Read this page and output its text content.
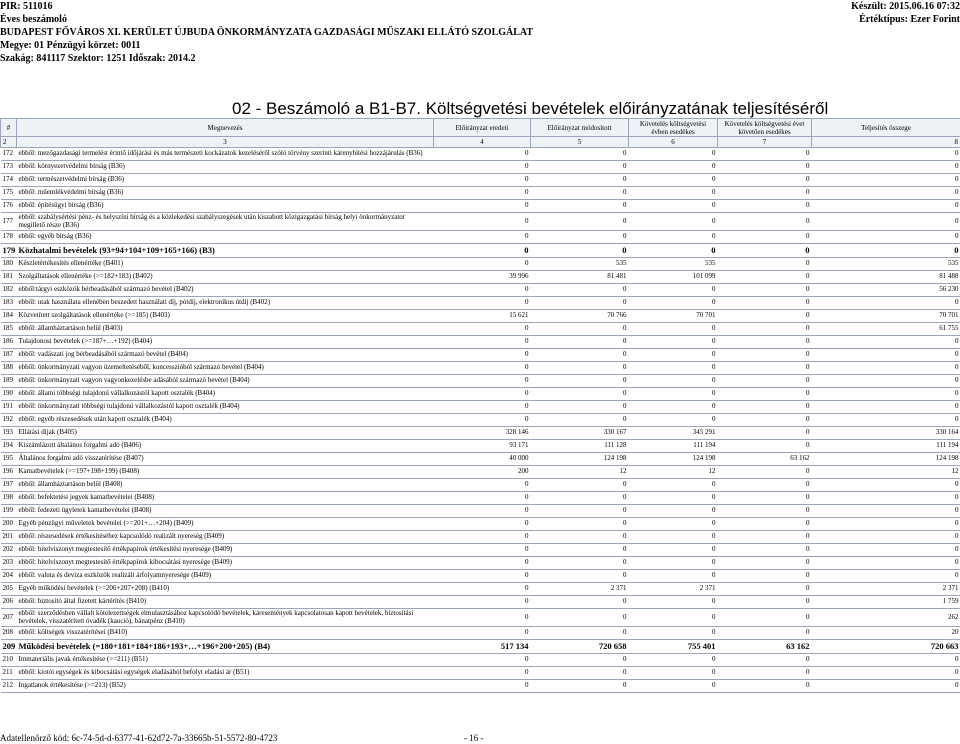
PIR: 511016
Éves beszámoló
BUDAPEST FŐVÁROS XI. KERÜLET ÚJBUDA ÖNKORMÁNYZATA GAZDASÁGI MŰSZAKI ELLÁTÓ SZOLGÁLAT
Megye: 01 Pénzügyi körzet: 0011
Szakág: 841117 Szektor: 1251 Időszak: 2014.2
Készült: 2015.06.16 07:32
Értéktípus: Ezer Forint
02 - Beszámoló a B1-B7. Költségvetési bevételek előirányzatának teljesítéséről
#	Megnevezés	Előirányzat eredeti	Előirányzat módosított	Követelés költségvetési évben esedékes	Követelés költségvetési évet követően esedékes	Teljesítés összege
2	3	4	5	6	7	8
172	ebből: mezőgazdasági termelést érintő időjárási és más természeti kockázatok kezeléséről szóló törvény szerinti kárenyhítési hozzájárulás (B36)	0	0	0	0	0
173	ebből: környezetvédelmi bírság (B36)	0	0	0	0	0
174	ebből: természetvédelmi bírság (B36)	0	0	0	0	0
175	ebből: műemlékvédelmi bírság (B36)	0	0	0	0	0
176	ebből: építésügyi bírság (B36)	0	0	0	0	0
177	ebből: szabálysértési pénz- és helyszíni bírság és a közlekedési szabályszegések után kiszabott közigazgatási bírság helyi önkormányzatot megillető része (B36)	0	0	0	0	0
178	ebből: egyéb bírság (B36)	0	0	0	0	0
179	Közhatalmi bevételek (93+94+104+109+165+166) (B3)	0	0	0	0	0
180	Készletértékesítés ellenértéke (B401)	0	535	535	0	535
181	Szolgáltatások ellenértéke (>=182+183) (B402)	39 996	81 481	101 099	0	81 488
182	ebből:tárgyi eszközök bérbeadásából származó bevétel (B402)	0	0	0	0	56 230
183	ebből: utak használata ellenében beszedett használati díj, pótdíj, elektronikus útdíj (B402)	0	0	0	0	0
184	Közvetített szolgáltatások ellenértéke (>=185) (B403)	15 621	70 766	70 701	0	70 701
185	ebből: államháztartáson belül (B403)	0	0	0	0	61 755
186	Tulajdonosi bevételek (>=187+…+192) (B404)	0	0	0	0	0
187	ebből: vadászati jog bérbeadásából származó bevétel (B404)	0	0	0	0	0
188	ebből: önkormányzati vagyon üzemeltetéséből, koncesszióból származó bevétel (B404)	0	0	0	0	0
189	ebből: önkormányzati vagyon vagyonkezelésbe adásából származó bevétel (B404)	0	0	0	0	0
190	ebből: állami többségi tulajdonú vállalkozástól kapott osztalék (B404)	0	0	0	0	0
191	ebből: önkormányzati többségi tulajdonú vállalkozástól kapott osztalék (B404)	0	0	0	0	0
192	ebből: egyéb részesedések után kapott osztalék (B404)	0	0	0	0	0
193	Ellátási díjak (B405)	328 146	330 167	345 291	0	330 164
194	Kiszámlázott általános forgalmi adó (B406)	93 171	111 128	111 194	0	111 194
195	Általános forgalmi adó visszatérítése (B407)	40 000	124 198	124 198	63 162	124 198
196	Kamatbevételek (>=197+198+199) (B408)	200	12	12	0	12
197	ebből: államháztartáson belül (B408)	0	0	0	0	0
198	ebből: befektetési jegyek kamatbevételei (B408)	0	0	0	0	0
199	ebből: fedezeti ügyletek kamatbevételei (B408)	0	0	0	0	0
200	Egyéb pénzügyi műveletek bevételei (>=201+…+204) (B409)	0	0	0	0	0
201	ebből: részesedések értékesítéséhez kapcsolódó realizált nyereség (B409)	0	0	0	0	0
202	ebből: hitelviszonyt megtestesítő értékpapírok értékesítési nyeresége (B409)	0	0	0	0	0
203	ebből: hitelviszonyt megtestesítő értékpapírok kibocsátási nyeresége (B409)	0	0	0	0	0
204	ebből: valuta és deviza eszközök realizált árfolyamnyeresége (B409)	0	0	0	0	0
205	Egyéb működési bevételek (>=206+207+208) (B410)	0	2 371	2 371	0	2 371
206	ebből: biztosító által fizetett kártérítés (B410)	0	0	0	0	1 759
207	ebből: szerződésben vállalt kötelezettségek elmulasztásához kapcsolódó bevételek, káresemények kapcsolatosan kapott bevételek, biztosítási bevételek, visszatérített óvadék (kaució), bánatpénz (B410)	0	0	0	0	262
208	ebből: költségek visszatérítései (B410)	0	0	0	0	20
209	Működési bevételek (=180+181+184+186+193+…+196+200+205) (B4)	517 134	720 658	755 401	63 162	720 663
210	Immateriális javak értékesítése (>=211) (B51)	0	0	0	0	0
211	ebből: kiotói egységek és kibocsátási egységek eladásából befolyt eladási ár (B51)	0	0	0	0	0
212	Ingatlanok értékesítése (>=213) (B52)	0	0	0	0	0
Adatellenőrző kód: 6c-74-5d-d-6377-41-62d72-7a-33665b-51-5572-80-4723	- 16 -
